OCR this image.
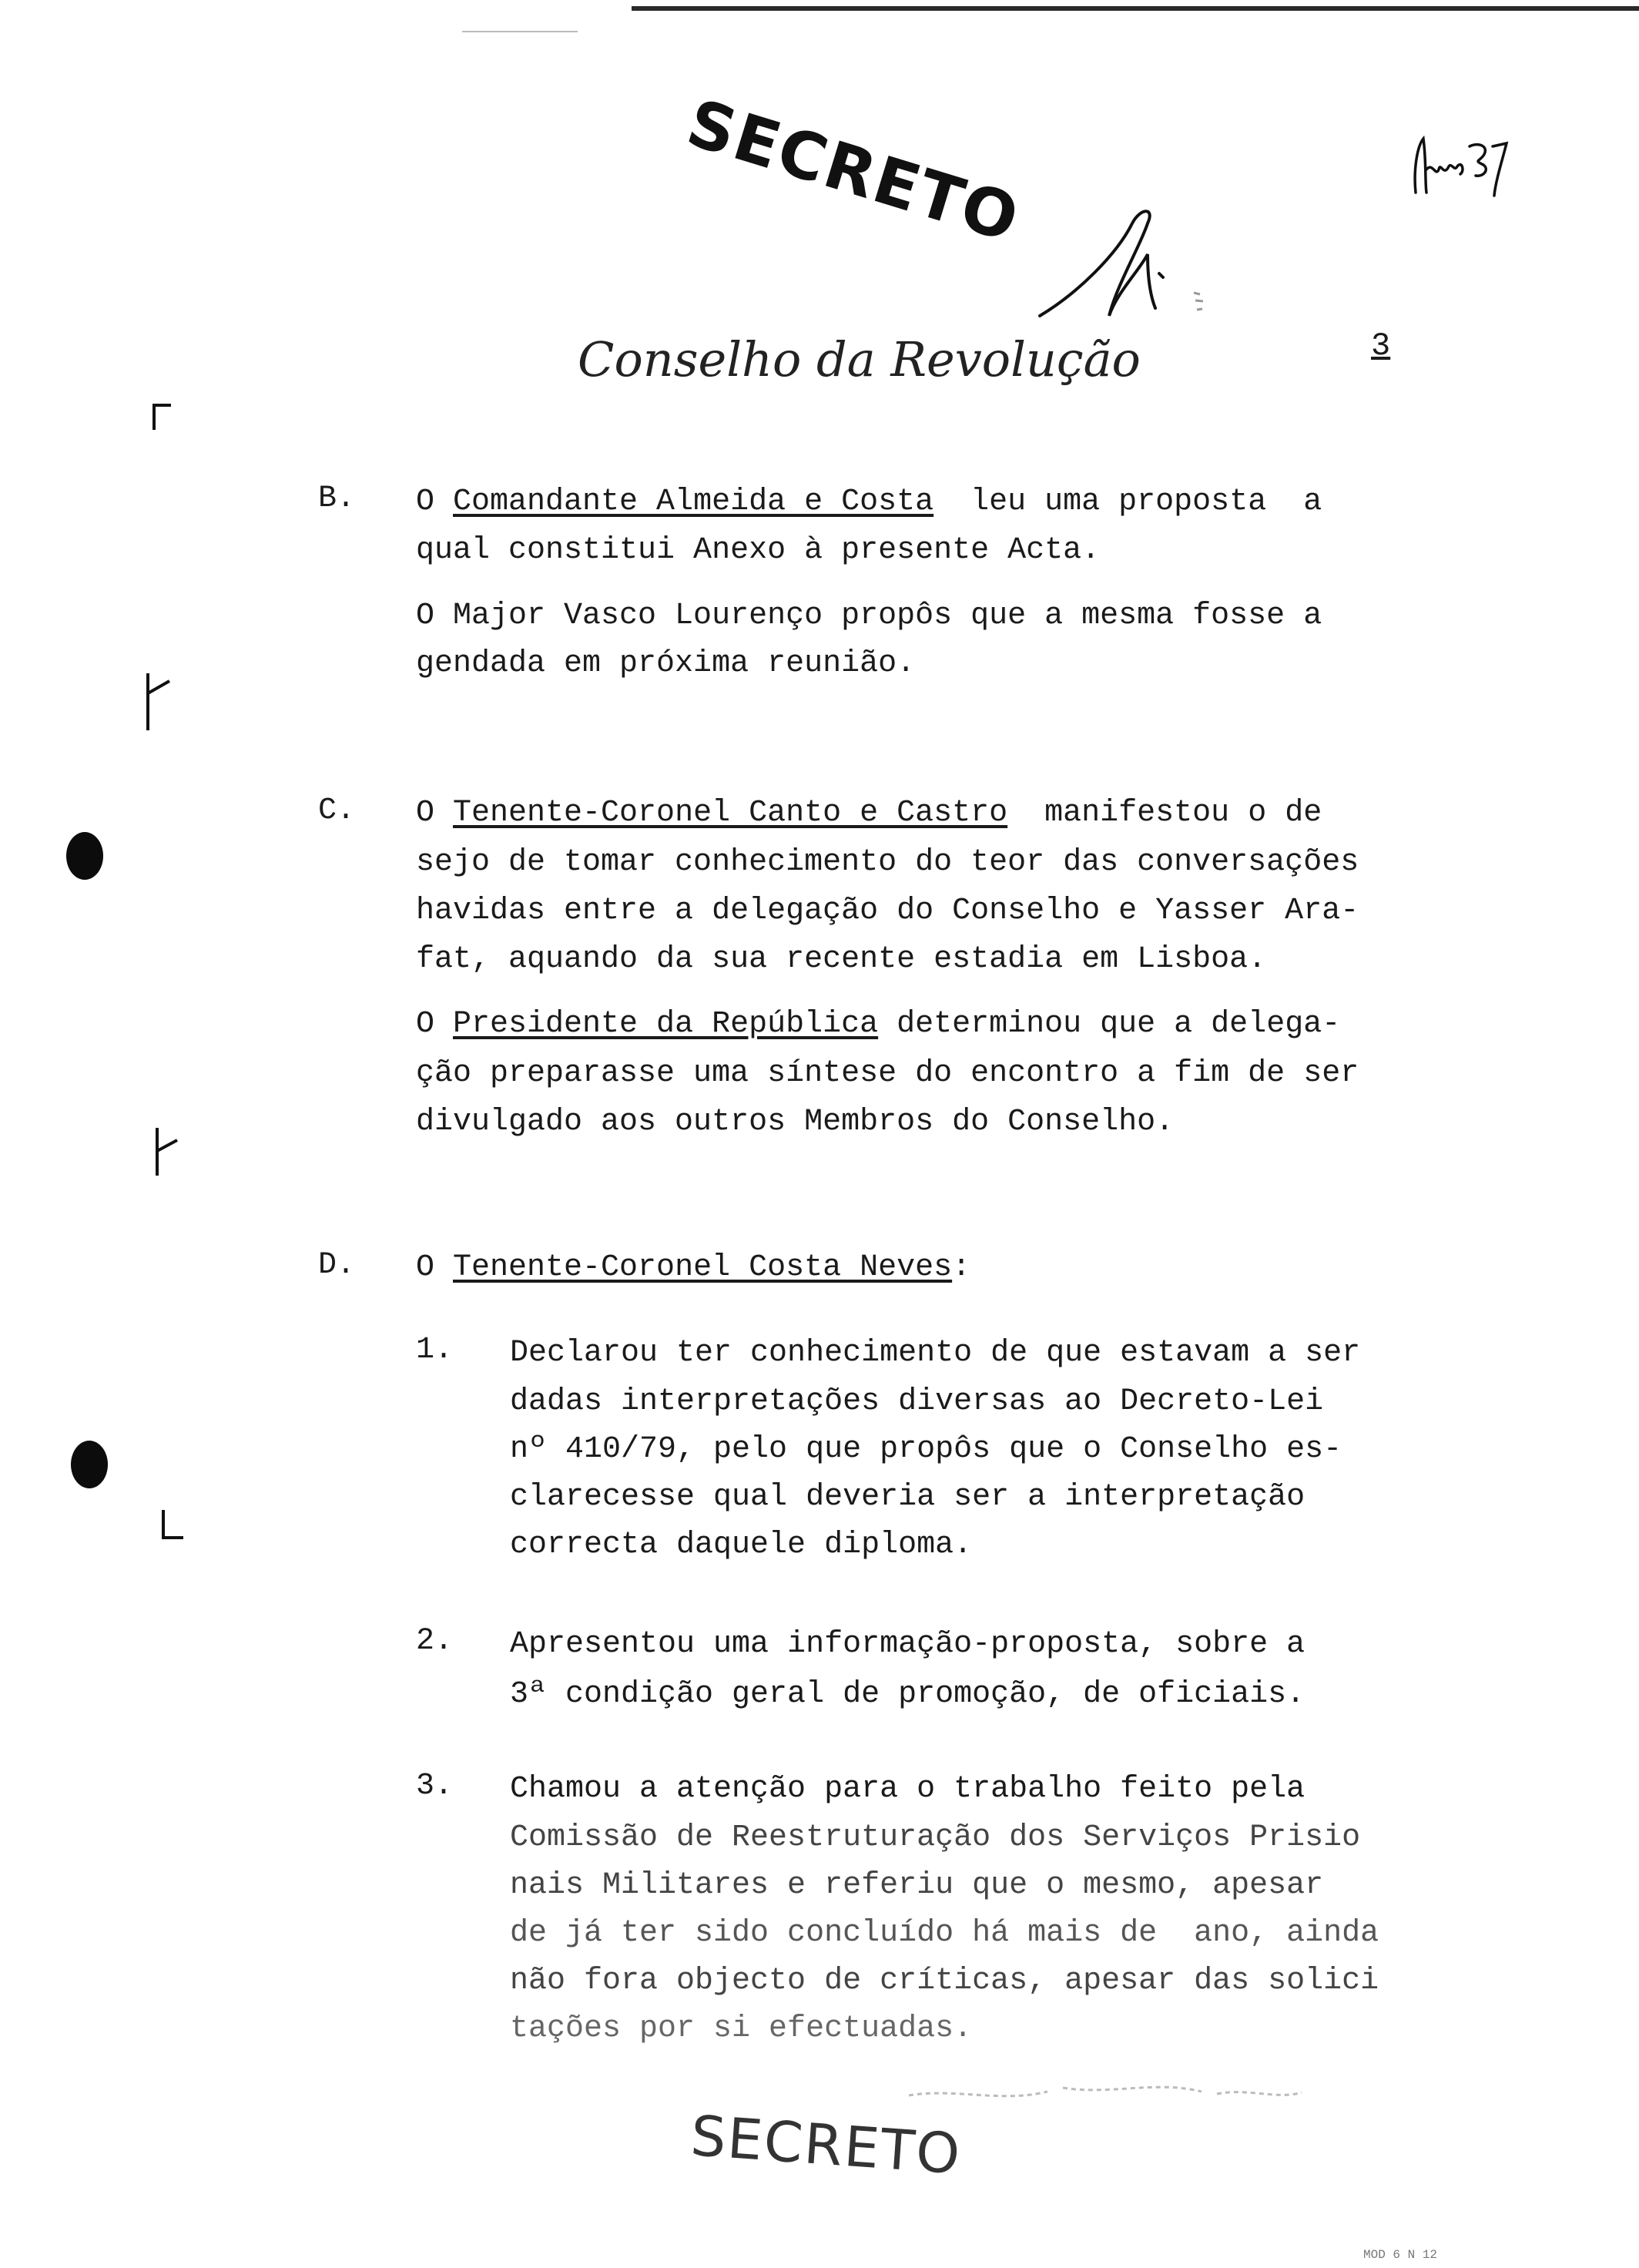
SECRETO
Conselho da Revolução	3
B. O Comandante Almeida e Costa  leu uma proposta  a
qual constitui Anexo à presente Acta.
O Major Vasco Lourenço propôs que a mesma fosse a
gendada em próxima reunião.
C. O Tenente-Coronel Canto e Castro  manifestou o de
sejo de tomar conhecimento do teor das conversações
havidas entre a delegação do Conselho e Yasser Ara-
fat, aquando da sua recente estadia em Lisboa.
O Presidente da República determinou que a delega-
ção preparasse uma síntese do encontro a fim de ser
divulgado aos outros Membros do Conselho.
D. O Tenente-Coronel Costa Neves:
1. Declarou ter conhecimento de que estavam a ser
dadas interpretações diversas ao Decreto-Lei
nº 410/79, pelo que propôs que o Conselho es-
clarecesse qual deveria ser a interpretação
correcta daquele diploma.
2. Apresentou uma informação-proposta, sobre a
3ª condição geral de promoção, de oficiais.
3. Chamou a atenção para o trabalho feito pela
Comissão de Reestruturação dos Serviços Prisio
nais Militares e referiu que o mesmo, apesar
de já ter sido concluído há mais de  ano, ainda
não fora objecto de críticas, apesar das solici
tações por si efectuadas.
SECRETO
MOD 6 N 12
